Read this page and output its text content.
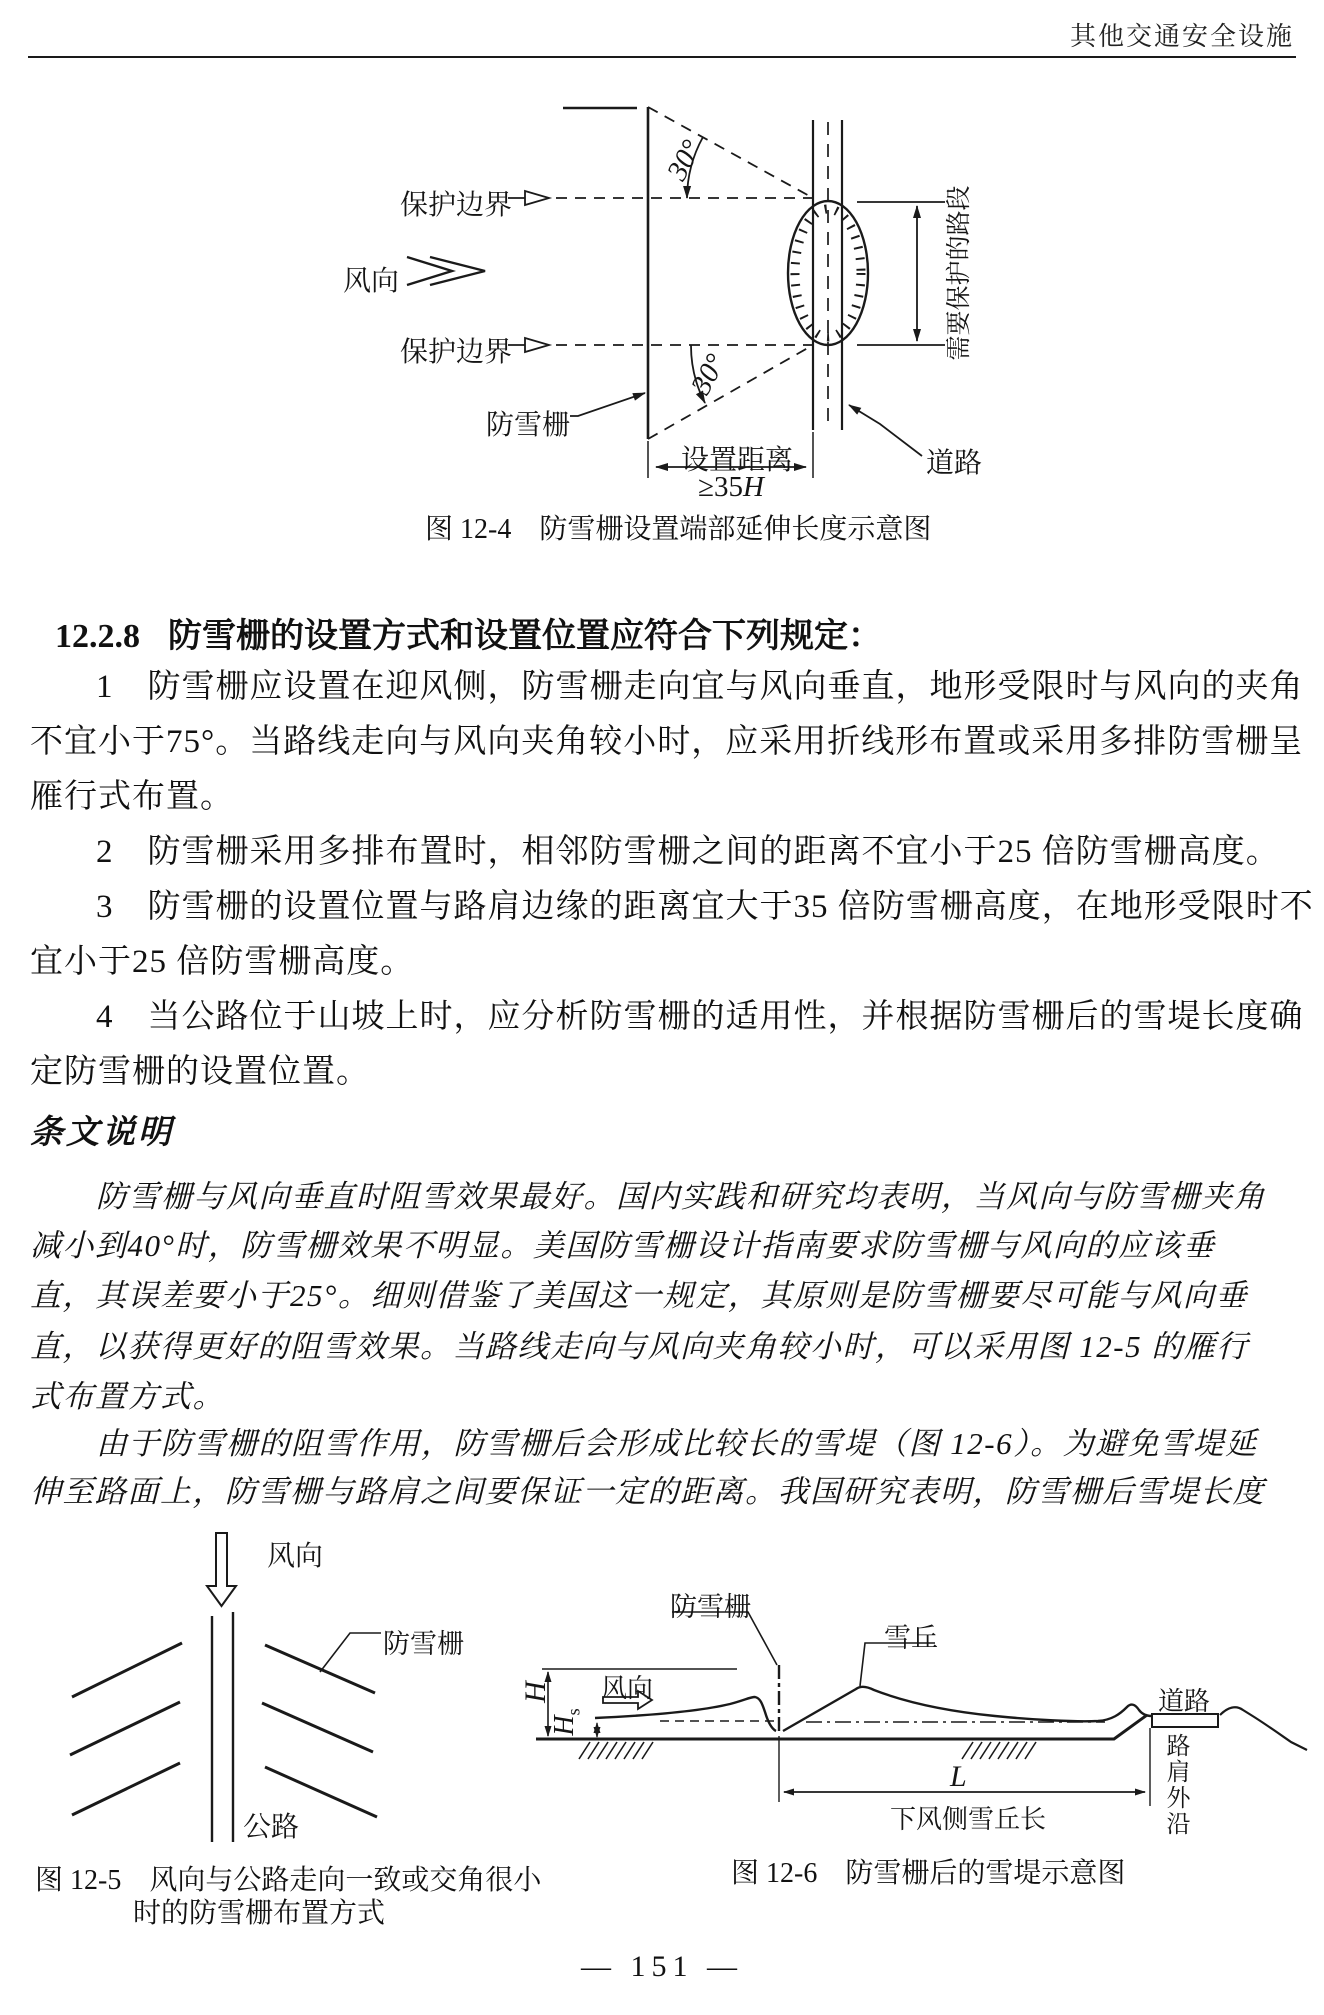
其他交通安全设施
保护边界
保护边界
风向
30°
30°
防雪栅
道路
设置距离
≥35H
需要保护的路段
图 12-4　防雪栅设置端部延伸长度示意图
12.2.8 防雪栅的设置方式和设置位置应符合下列规定：
1　防雪栅应设置在迎风侧，防雪栅走向宜与风向垂直，地形受限时与风向的夹角
不宜小于75°。当路线走向与风向夹角较小时，应采用折线形布置或采用多排防雪栅呈
雁行式布置。
2　防雪栅采用多排布置时，相邻防雪栅之间的距离不宜小于25 倍防雪栅高度。
3　防雪栅的设置位置与路肩边缘的距离宜大于35 倍防雪栅高度，在地形受限时不
宜小于25 倍防雪栅高度。
4　当公路位于山坡上时，应分析防雪栅的适用性，并根据防雪栅后的雪堤长度确
定防雪栅的设置位置。
条文说明
防雪栅与风向垂直时阻雪效果最好。国内实践和研究均表明，当风向与防雪栅夹角
减小到40°时，防雪栅效果不明显。美国防雪栅设计指南要求防雪栅与风向的应该垂
直，其误差要小于25°。细则借鉴了美国这一规定，其原则是防雪栅要尽可能与风向垂
直，以获得更好的阻雪效果。当路线走向与风向夹角较小时，可以采用图 12-5 的雁行
式布置方式。
由于防雪栅的阻雪作用，防雪栅后会形成比较长的雪堤（图 12-6）。为避免雪堤延
伸至路面上，防雪栅与路肩之间要保证一定的距离。我国研究表明，防雪栅后雪堤长度
风向
防雪栅
公路
图 12-5　风向与公路走向一致或交角很小
时的防雪栅布置方式
防雪栅
雪丘
风向	道路
H
$H_s$
L
下风侧雪丘长	路肩外沿
图 12-6　防雪栅后的雪堤示意图
— 151 —
